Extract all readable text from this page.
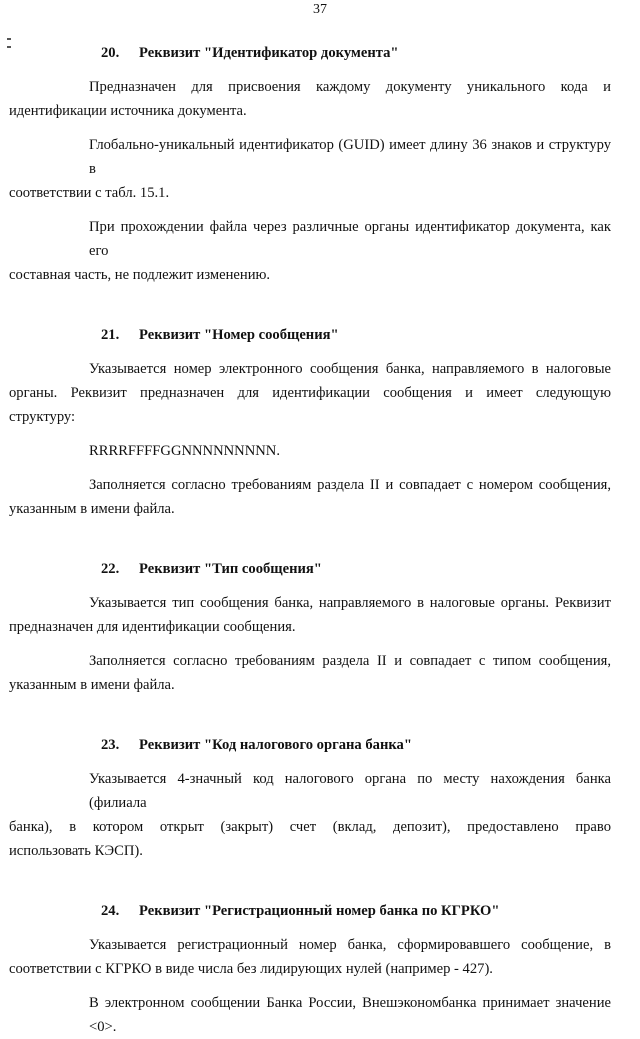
37
20. Реквизит "Идентификатор документа"

Предназначен для присвоения каждому документу уникального кода и
идентификации источника документа.

Глобально-уникальный идентификатор (GUID) имеет длину 36 знаков и структуру в
соответствии с табл. 15.1.

При прохождении файла через различные органы идентификатор документа, как его
составная часть, не подлежит изменению.

21. Реквизит "Номер сообщения"

Указывается номер электронного сообщения банка, направляемого в налоговые
органы. Реквизит предназначен для идентификации сообщения и имеет следующую
структуру:

RRRRFFFFGGNNNNNNNNN.

Заполняется согласно требованиям раздела II и совпадает с номером сообщения,
указанным в имени файла.

22. Реквизит "Тип сообщения"

Указывается тип сообщения банка, направляемого в налоговые органы. Реквизит
предназначен для идентификации сообщения.

Заполняется согласно требованиям раздела II и совпадает с типом сообщения,
указанным в имени файла.

23. Реквизит "Код налогового органа банка"

Указывается 4-значный код налогового органа по месту нахождения банка (филиала
банка), в котором открыт (закрыт) счет (вклад, депозит), предоставлено право
использовать КЭСП).

24. Реквизит "Регистрационный номер банка по КГРКО"

Указывается регистрационный номер банка, сформировавшего сообщение, в
соответствии с КГРКО в виде числа без лидирующих нулей (например - 427).

В электронном сообщении Банка России, Внешэкономбанка принимает значение <0>.
